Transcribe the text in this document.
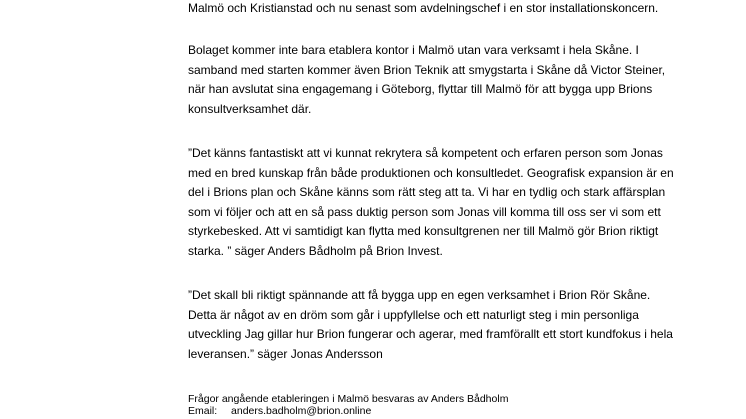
Malmö och Kristianstad och nu senast som avdelningschef i en stor installationskoncern.

Bolaget kommer inte bara etablera kontor i Malmö utan vara verksamt i hela Skåne. I
samband med starten kommer även Brion Teknik att smygstarta i Skåne då Victor Steiner,
när han avslutat sina engagemang i Göteborg, flyttar till Malmö för att bygga upp Brions
konsultverksamhet där.

”Det känns fantastiskt att vi kunnat rekrytera så kompetent och erfaren person som Jonas
med en bred kunskap från både produktionen och konsultledet. Geografisk expansion är en
del i Brions plan och Skåne känns som rätt steg att ta. Vi har en tydlig och stark affärsplan
som vi följer och att en så pass duktig person som Jonas vill komma till oss ser vi som ett
styrkebesked. Att vi samtidigt kan flytta med konsultgrenen ner till Malmö gör Brion riktigt
starka. ” säger Anders Bådholm på Brion Invest.

”Det skall bli riktigt spännande att få bygga upp en egen verksamhet i Brion Rör Skåne.
Detta är något av en dröm som går i uppfyllelse och ett naturligt steg i min personliga
utveckling Jag gillar hur Brion fungerar och agerar, med framförallt ett stort kundfokus i hela
leveransen.” säger Jonas Andersson

Frågor angående etableringen i Malmö besvaras av Anders Bådholm
Email: anders.badholm@brion.online
